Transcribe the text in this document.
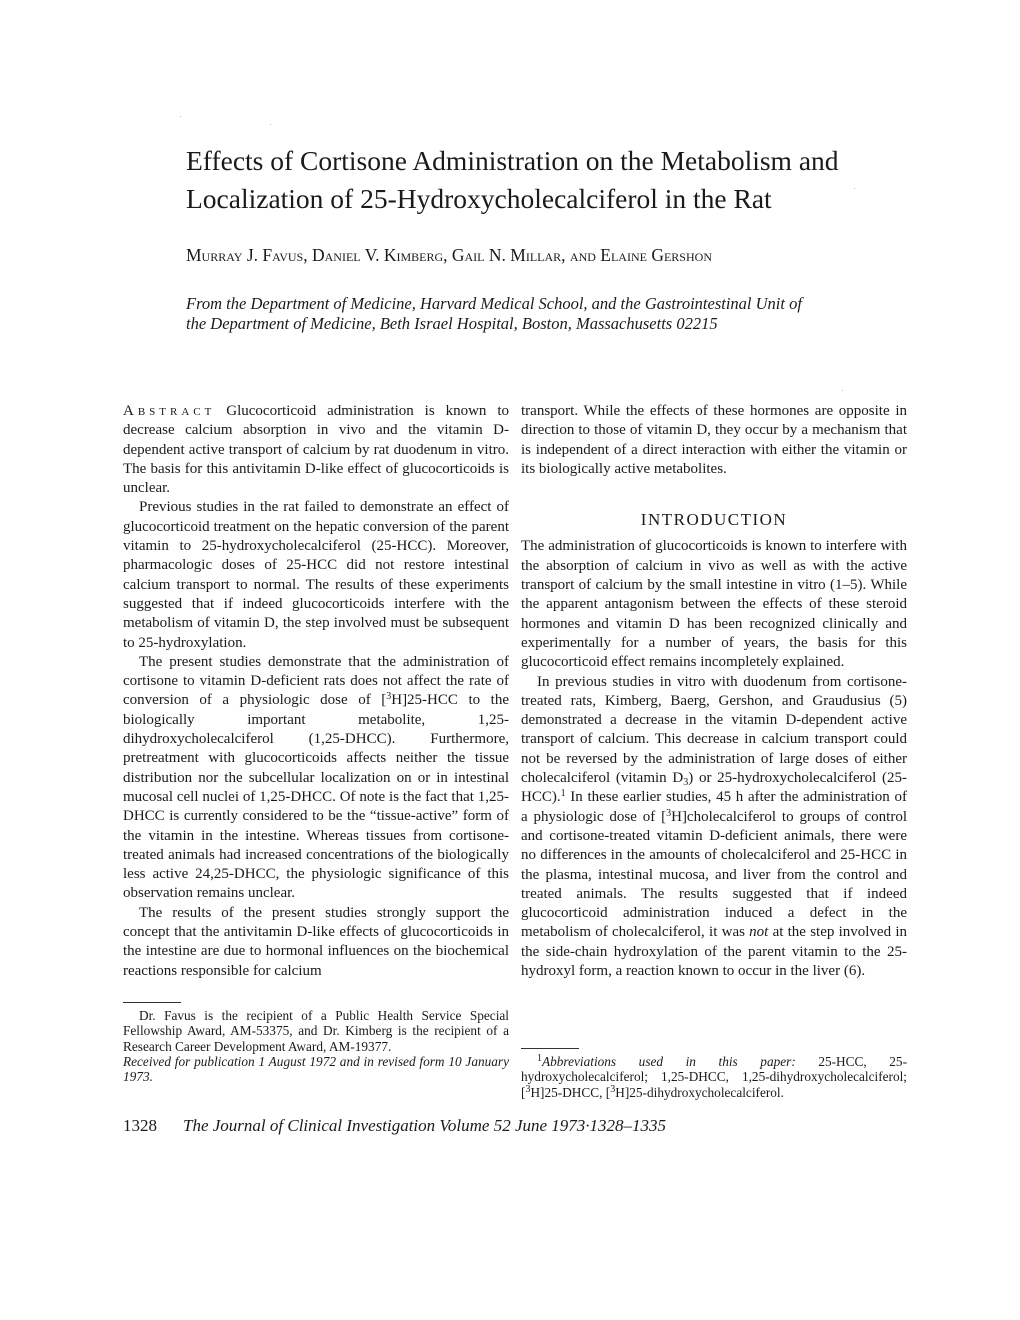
Effects of Cortisone Administration on the Metabolism and Localization of 25-Hydroxycholecalciferol in the Rat
Murray J. Favus, Daniel V. Kimberg, Gail N. Millar, and Elaine Gershon
From the Department of Medicine, Harvard Medical School, and the Gastrointestinal Unit of the Department of Medicine, Beth Israel Hospital, Boston, Massachusetts 02215

Abstract Glucocorticoid administration is known to decrease calcium absorption in vivo and the vitamin D-dependent active transport of calcium by rat duodenum in vitro. The basis for this antivitamin D-like effect of glucocorticoids is unclear.

Previous studies in the rat failed to demonstrate an effect of glucocorticoid treatment on the hepatic conversion of the parent vitamin to 25-hydroxycholecalciferol (25-HCC). Moreover, pharmacologic doses of 25-HCC did not restore intestinal calcium transport to normal. The results of these experiments suggested that if indeed glucocorticoids interfere with the metabolism of vitamin D, the step involved must be subsequent to 25-hydroxylation.

The present studies demonstrate that the administration of cortisone to vitamin D-deficient rats does not affect the rate of conversion of a physiologic dose of [$^3$H]25-HCC to the biologically important metabolite, 1,25-dihydroxycholecalciferol (1,25-DHCC). Furthermore, pretreatment with glucocorticoids affects neither the tissue distribution nor the subcellular localization on or in intestinal mucosal cell nuclei of 1,25-DHCC. Of note is the fact that 1,25-DHCC is currently considered to be the “tissue-active” form of the vitamin in the intestine. Whereas tissues from cortisone-treated animals had increased concentrations of the biologically less active 24,25-DHCC, the physiologic significance of this observation remains unclear.

The results of the present studies strongly support the concept that the antivitamin D-like effects of glucocorticoids in the intestine are due to hormonal influences on the biochemical reactions responsible for calcium

Dr. Favus is the recipient of a Public Health Service Special Fellowship Award, AM-53375, and Dr. Kimberg is the recipient of a Research Career Development Award, AM-19377.
Received for publication 1 August 1972 and in revised form 10 January 1973.

transport. While the effects of these hormones are opposite in direction to those of vitamin D, they occur by a mechanism that is independent of a direct interaction with either the vitamin or its biologically active metabolites.

INTRODUCTION

The administration of glucocorticoids is known to interfere with the absorption of calcium in vivo as well as with the active transport of calcium by the small intestine in vitro (1–5). While the apparent antagonism between the effects of these steroid hormones and vitamin D has been recognized clinically and experimentally for a number of years, the basis for this glucocorticoid effect remains incompletely explained.

In previous studies in vitro with duodenum from cortisone-treated rats, Kimberg, Baerg, Gershon, and Graudusius (5) demonstrated a decrease in the vitamin D-dependent active transport of calcium. This decrease in calcium transport could not be reversed by the administration of large doses of either cholecalciferol (vitamin $D_3$) or 25-hydroxycholecalciferol (25-HCC).$^1$ In these earlier studies, 45 h after the administration of a physiologic dose of [$^3$H]cholecalciferol to groups of control and cortisone-treated vitamin D-deficient animals, there were no differences in the amounts of cholecalciferol and 25-HCC in the plasma, intestinal mucosa, and liver from the control and treated animals. The results suggested that if indeed glucocorticoid administration induced a defect in the metabolism of cholecalciferol, it was not at the step involved in the side-chain hydroxylation of the parent vitamin to the 25-hydroxyl form, a reaction known to occur in the liver (6).

$^1$Abbreviations used in this paper: 25-HCC, 25-hydroxycholecalciferol; 1,25-DHCC, 1,25-dihydroxycholecalciferol; [$^3$H]25-DHCC, [$^3$H]25-dihydroxycholecalciferol.
1328 The Journal of Clinical Investigation Volume 52 June 1973·1328–1335
